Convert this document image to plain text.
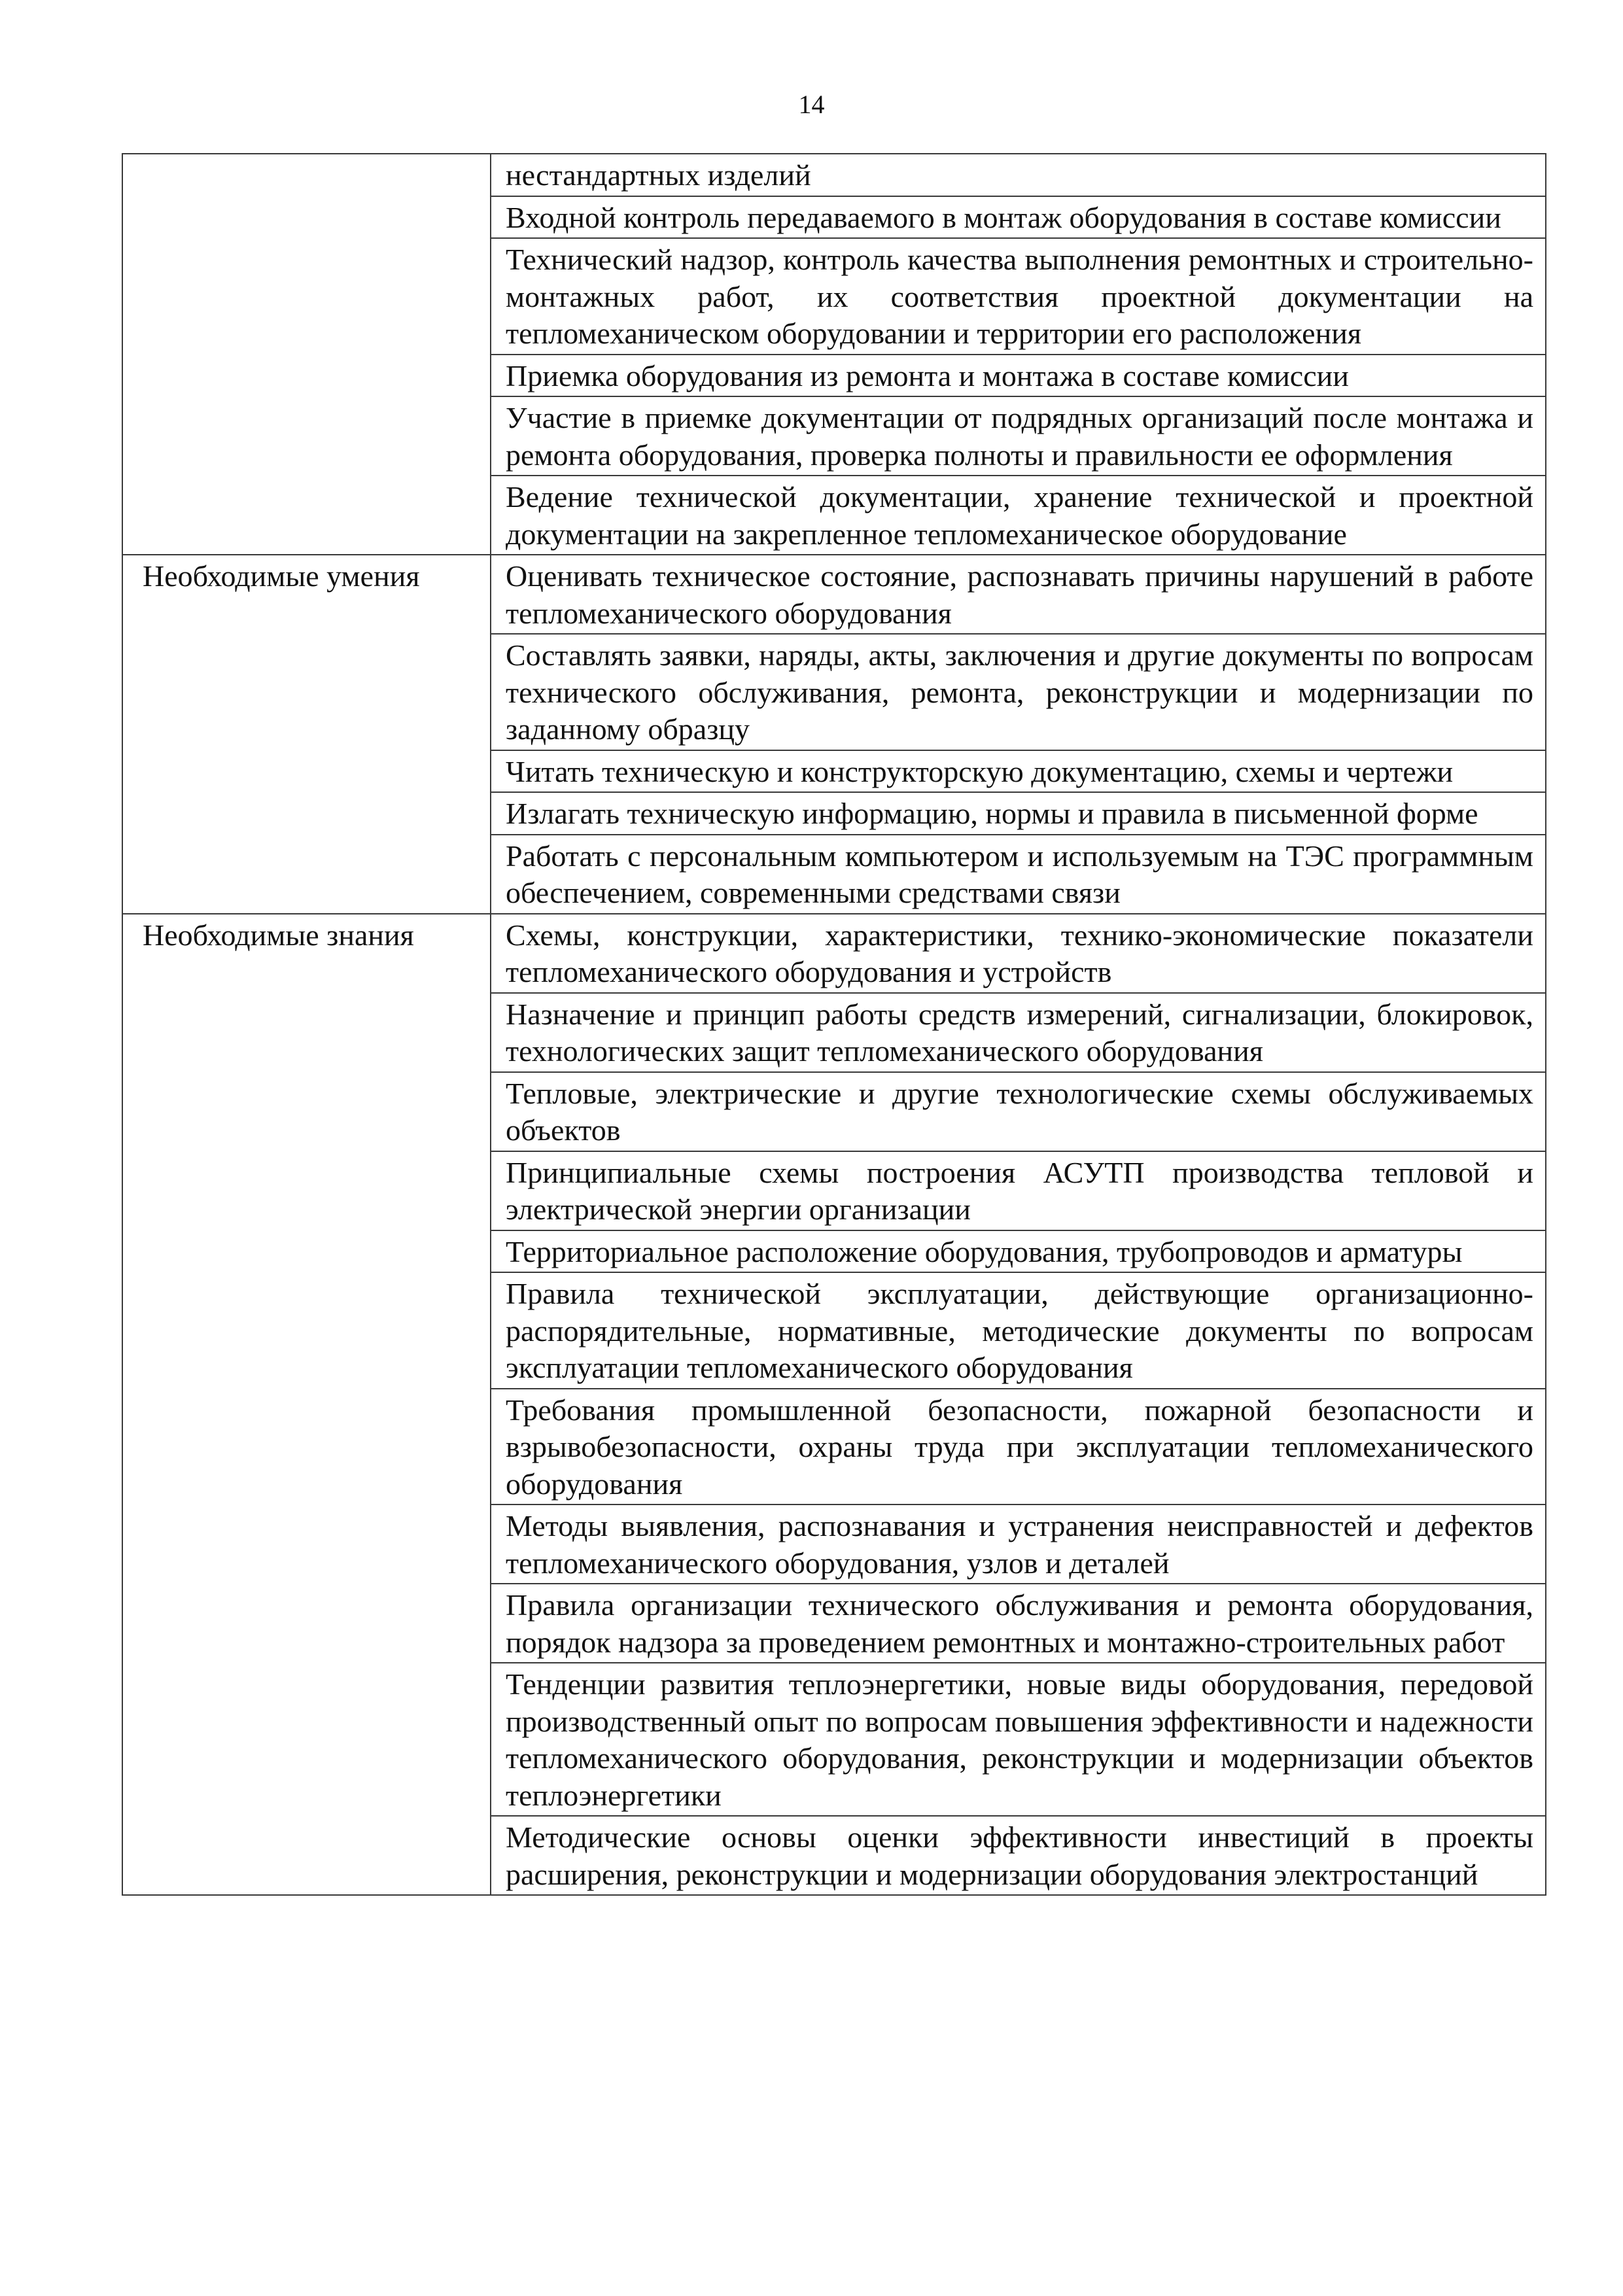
14
	нестандартных изделий
	Входной контроль передаваемого в монтаж оборудования в составе комиссии
	Технический надзор, контроль качества выполнения ремонтных и строительно-монтажных работ, их соответствия проектной документации на тепломеханическом оборудовании и территории его расположения
	Приемка оборудования из ремонта и монтажа в составе комиссии
	Участие в приемке документации от подрядных организаций после монтажа и ремонта оборудования, проверка полноты и правильности ее оформления
	Ведение технической документации, хранение технической и проектной документации на закрепленное тепломеханическое оборудование
Необходимые умения	Оценивать техническое состояние, распознавать причины нарушений в работе тепломеханического оборудования
	Составлять заявки, наряды, акты, заключения и другие документы по вопросам технического обслуживания, ремонта, реконструкции и модернизации по заданному образцу
	Читать техническую и конструкторскую документацию, схемы и чертежи
	Излагать техническую информацию, нормы и правила в письменной форме
	Работать с персональным компьютером и используемым на ТЭС программным обеспечением, современными средствами связи
Необходимые знания	Схемы, конструкции, характеристики, технико-экономические показатели тепломеханического оборудования и устройств
	Назначение и принцип работы средств измерений, сигнализации, блокировок, технологических защит тепломеханического оборудования
	Тепловые, электрические и другие технологические схемы обслуживаемых объектов
	Принципиальные схемы построения АСУТП производства тепловой и электрической энергии организации
	Территориальное расположение оборудования, трубопроводов и арматуры
	Правила технической эксплуатации, действующие организационно-распорядительные, нормативные, методические документы по вопросам эксплуатации тепломеханического оборудования
	Требования промышленной безопасности, пожарной безопасности и взрывобезопасности, охраны труда при эксплуатации тепломеханического оборудования
	Методы выявления, распознавания и устранения неисправностей и дефектов тепломеханического оборудования, узлов и деталей
	Правила организации технического обслуживания и ремонта оборудования, порядок надзора за проведением ремонтных и монтажно-строительных работ
	Тенденции развития теплоэнергетики, новые виды оборудования, передовой производственный опыт по вопросам повышения эффективности и надежности тепломеханического оборудования, реконструкции и модернизации объектов теплоэнергетики
	Методические основы оценки эффективности инвестиций в проекты расширения, реконструкции и модернизации оборудования электростанций
